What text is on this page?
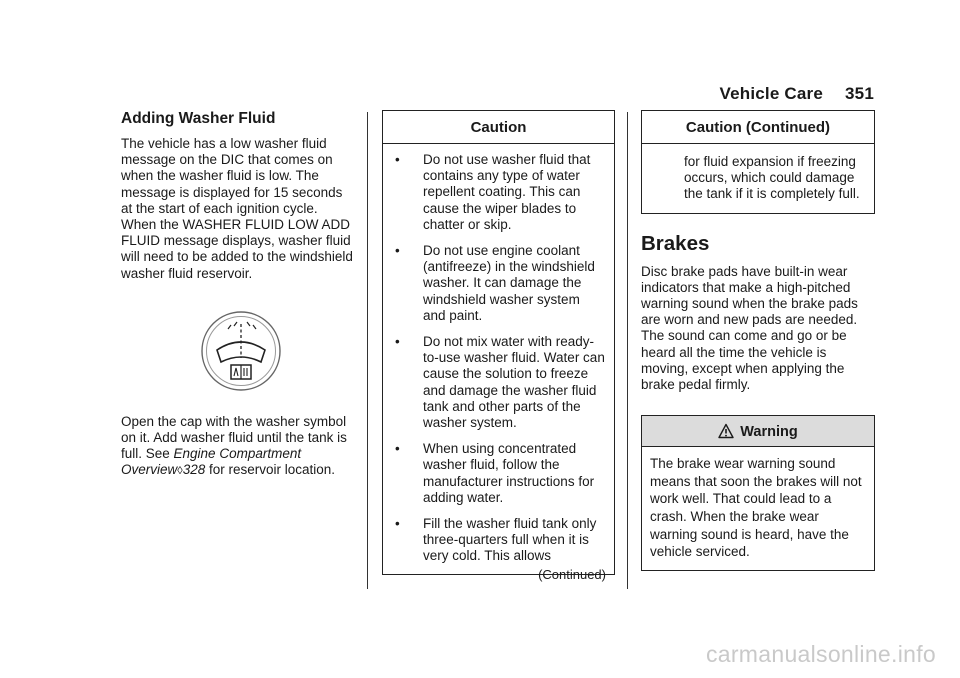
Vehicle Care 351
Adding Washer Fluid

The vehicle has a low washer fluid message on the DIC that comes on when the washer fluid is low. The message is displayed for 15 seconds at the start of each ignition cycle. When the WASHER FLUID LOW ADD FLUID message displays, washer fluid will need to be added to the windshield washer fluid reservoir.

Open the cap with the washer symbol on it. Add washer fluid until the tank is full. See Engine Compartment Overview◊328 for reservoir location.

Caution
•	Do not use washer fluid that contains any type of water repellent coating. This can cause the wiper blades to chatter or skip.
•	Do not use engine coolant (antifreeze) in the windshield washer. It can damage the windshield washer system and paint.
•	Do not mix water with ready-to-use washer fluid. Water can cause the solution to freeze and damage the washer fluid tank and other parts of the washer system.
•	When using concentrated washer fluid, follow the manufacturer instructions for adding water.
•	Fill the washer fluid tank only three-quarters full when it is very cold. This allows
(Continued)
Caution (Continued)
for fluid expansion if freezing occurs, which could damage the tank if it is completely full.
Brakes

Disc brake pads have built-in wear indicators that make a high-pitched warning sound when the brake pads are worn and new pads are needed. The sound can come and go or be heard all the time the vehicle is moving, except when applying the brake pedal firmly.

Warning
The brake wear warning sound means that soon the brakes will not work well. That could lead to a crash. When the brake wear warning sound is heard, have the vehicle serviced.
carmanualsonline.info
